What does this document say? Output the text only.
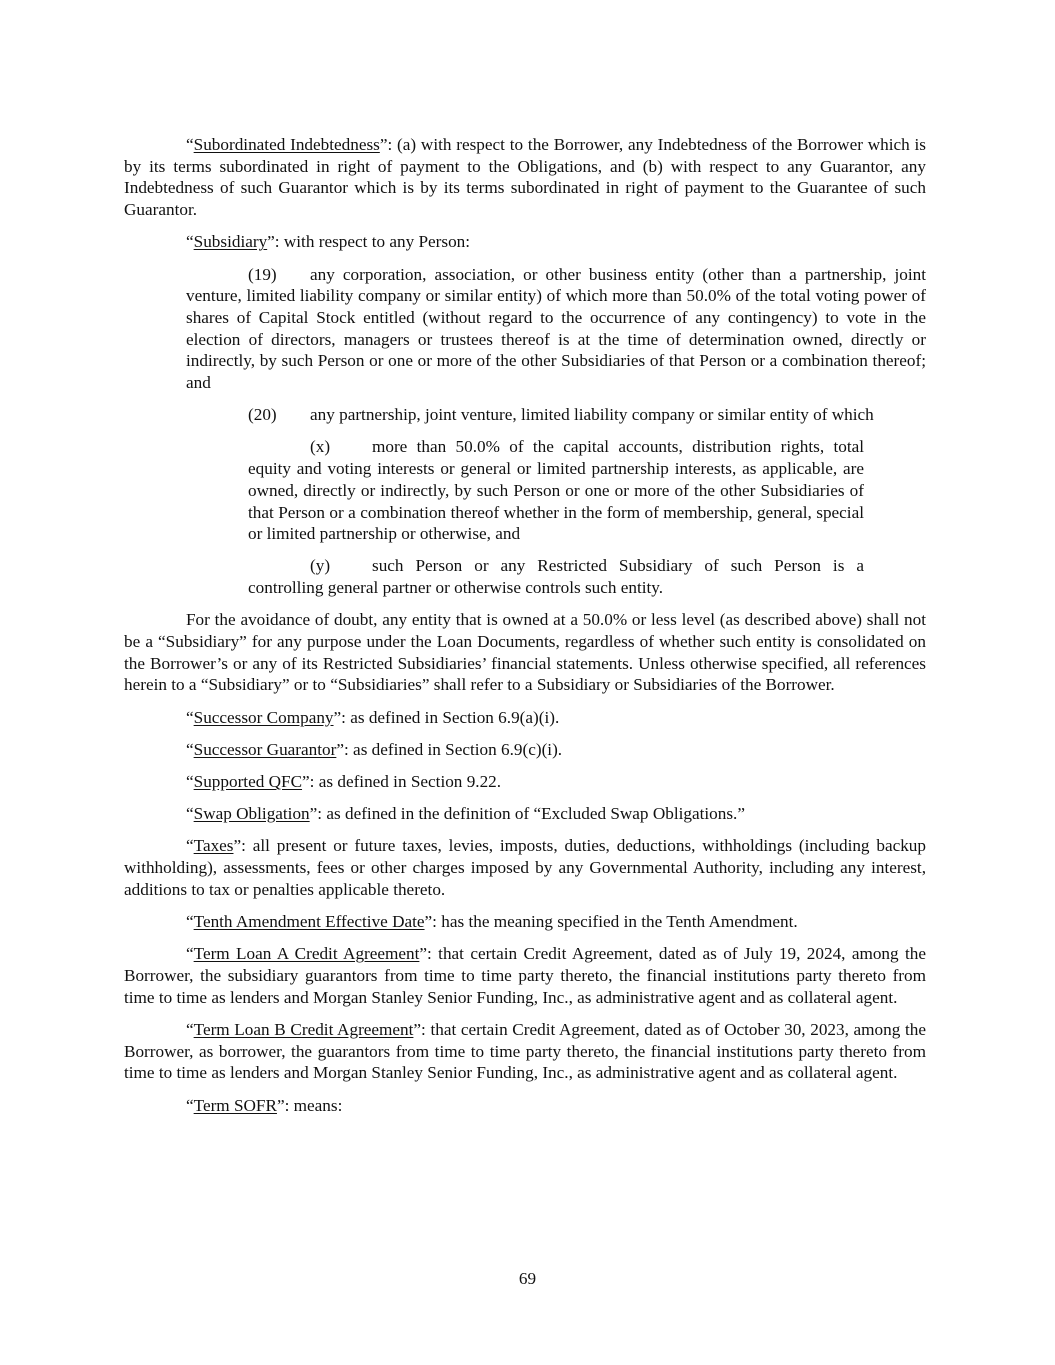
“Subordinated Indebtedness”: (a) with respect to the Borrower, any Indebtedness of the Borrower which is by its terms subordinated in right of payment to the Obligations, and (b) with respect to any Guarantor, any Indebtedness of such Guarantor which is by its terms subordinated in right of payment to the Guarantee of such Guarantor.

“Subsidiary”: with respect to any Person:

(19) any corporation, association, or other business entity (other than a partnership, joint venture, limited liability company or similar entity) of which more than 50.0% of the total voting power of shares of Capital Stock entitled (without regard to the occurrence of any contingency) to vote in the election of directors, managers or trustees thereof is at the time of determination owned, directly or indirectly, by such Person or one or more of the other Subsidiaries of that Person or a combination thereof; and

(20) any partnership, joint venture, limited liability company or similar entity of which

(x) more than 50.0% of the capital accounts, distribution rights, total equity and voting interests or general or limited partnership interests, as applicable, are owned, directly or indirectly, by such Person or one or more of the other Subsidiaries of that Person or a combination thereof whether in the form of membership, general, special or limited partnership or otherwise, and

(y) such Person or any Restricted Subsidiary of such Person is a controlling general partner or otherwise controls such entity.

For the avoidance of doubt, any entity that is owned at a 50.0% or less level (as described above) shall not be a “Subsidiary” for any purpose under the Loan Documents, regardless of whether such entity is consolidated on the Borrower’s or any of its Restricted Subsidiaries’ financial statements. Unless otherwise specified, all references herein to a “Subsidiary” or to “Subsidiaries” shall refer to a Subsidiary or Subsidiaries of the Borrower.

“Successor Company”: as defined in Section 6.9(a)(i).

“Successor Guarantor”: as defined in Section 6.9(c)(i).

“Supported QFC”: as defined in Section 9.22.

“Swap Obligation”: as defined in the definition of “Excluded Swap Obligations.”

“Taxes”: all present or future taxes, levies, imposts, duties, deductions, withholdings (including backup withholding), assessments, fees or other charges imposed by any Governmental Authority, including any interest, additions to tax or penalties applicable thereto.

“Tenth Amendment Effective Date”: has the meaning specified in the Tenth Amendment.

“Term Loan A Credit Agreement”: that certain Credit Agreement, dated as of July 19, 2024, among the Borrower, the subsidiary guarantors from time to time party thereto, the financial institutions party thereto from time to time as lenders and Morgan Stanley Senior Funding, Inc., as administrative agent and as collateral agent.

“Term Loan B Credit Agreement”: that certain Credit Agreement, dated as of October 30, 2023, among the Borrower, as borrower, the guarantors from time to time party thereto, the financial institutions party thereto from time to time as lenders and Morgan Stanley Senior Funding, Inc., as administrative agent and as collateral agent.

“Term SOFR”: means:

69
